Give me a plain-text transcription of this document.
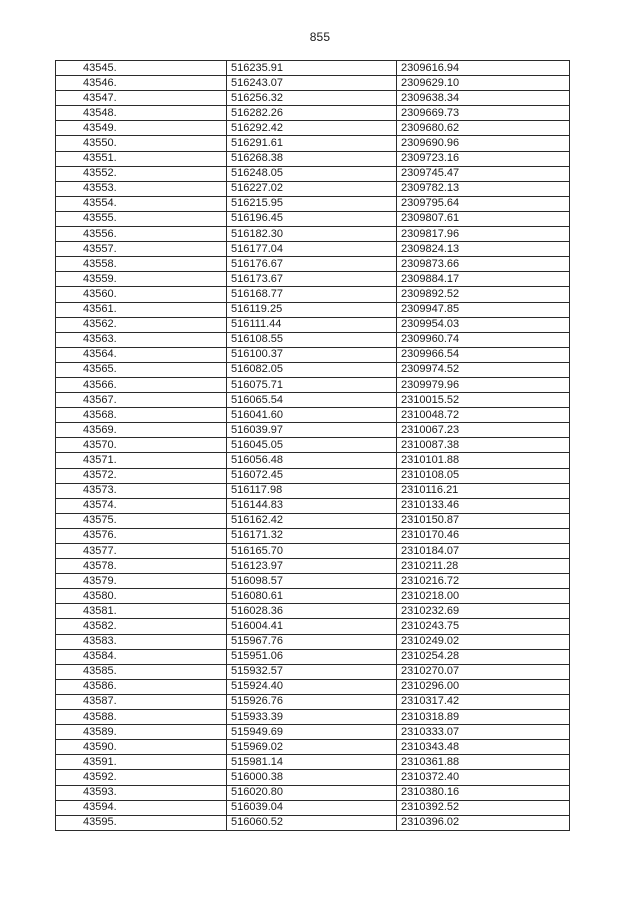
855
43545.	516235.91	2309616.94
43546.	516243.07	2309629.10
43547.	516256.32	2309638.34
43548.	516282.26	2309669.73
43549.	516292.42	2309680.62
43550.	516291.61	2309690.96
43551.	516268.38	2309723.16
43552.	516248.05	2309745.47
43553.	516227.02	2309782.13
43554.	516215.95	2309795.64
43555.	516196.45	2309807.61
43556.	516182.30	2309817.96
43557.	516177.04	2309824.13
43558.	516176.67	2309873.66
43559.	516173.67	2309884.17
43560.	516168.77	2309892.52
43561.	516119.25	2309947.85
43562.	516111.44	2309954.03
43563.	516108.55	2309960.74
43564.	516100.37	2309966.54
43565.	516082.05	2309974.52
43566.	516075.71	2309979.96
43567.	516065.54	2310015.52
43568.	516041.60	2310048.72
43569.	516039.97	2310067.23
43570.	516045.05	2310087.38
43571.	516056.48	2310101.88
43572.	516072.45	2310108.05
43573.	516117.98	2310116.21
43574.	516144.83	2310133.46
43575.	516162.42	2310150.87
43576.	516171.32	2310170.46
43577.	516165.70	2310184.07
43578.	516123.97	2310211.28
43579.	516098.57	2310216.72
43580.	516080.61	2310218.00
43581.	516028.36	2310232.69
43582.	516004.41	2310243.75
43583.	515967.76	2310249.02
43584.	515951.06	2310254.28
43585.	515932.57	2310270.07
43586.	515924.40	2310296.00
43587.	515926.76	2310317.42
43588.	515933.39	2310318.89
43589.	515949.69	2310333.07
43590.	515969.02	2310343.48
43591.	515981.14	2310361.88
43592.	516000.38	2310372.40
43593.	516020.80	2310380.16
43594.	516039.04	2310392.52
43595.	516060.52	2310396.02
